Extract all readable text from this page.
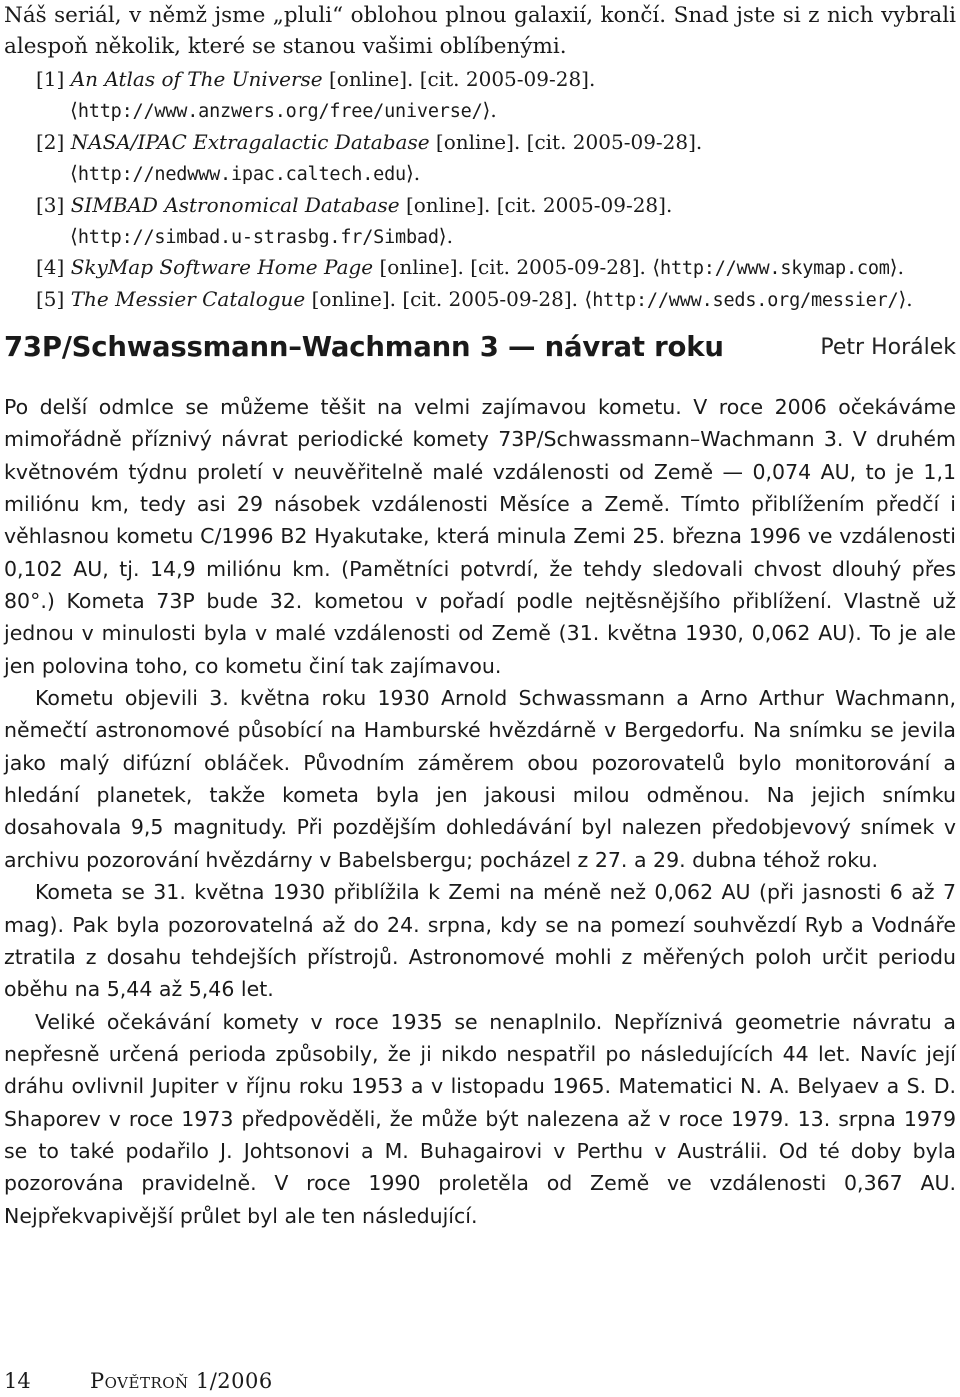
Náš seriál, v němž jsme „pluli“ oblohou plnou galaxií, končí. Snad jste si z nich vybrali alespoň několik, které se stanou vašimi oblíbenými.

[1] An Atlas of The Universe [online]. [cit. 2005-09-28].
⟨http://www.anzwers.org/free/universe/⟩.
[2] NASA/IPAC Extragalactic Database [online]. [cit. 2005-09-28].
⟨http://nedwww.ipac.caltech.edu⟩.
[3] SIMBAD Astronomical Database [online]. [cit. 2005-09-28].
⟨http://simbad.u-strasbg.fr/Simbad⟩.
[4] SkyMap Software Home Page [online]. [cit. 2005-09-28]. ⟨http://www.skymap.com⟩.
[5] The Messier Catalogue [online]. [cit. 2005-09-28]. ⟨http://www.seds.org/messier/⟩.
73P/Schwassmann–Wachmann 3 — návrat roku	Petr Horálek

Po delší odmlce se můžeme těšit na velmi zajímavou kometu. V roce 2006 očekáváme mimořádně příznivý návrat periodické komety 73P/Schwassmann–Wachmann 3. V druhém květnovém týdnu proletí v neuvěřitelně malé vzdálenosti od Země — 0,074 AU, to je 1,1 miliónu km, tedy asi 29 násobek vzdálenosti Měsíce a Země. Tímto přiblížením předčí i věhlasnou kometu C/1996 B2 Hyakutake, která minula Zemi 25. března 1996 ve vzdálenosti 0,102 AU, tj. 14,9 miliónu km. (Pamětníci potvrdí, že tehdy sledovali chvost dlouhý přes 80°.) Kometa 73P bude 32. kometou v pořadí podle nejtěsnějšího přiblížení. Vlastně už jednou v minulosti byla v malé vzdálenosti od Země (31. května 1930, 0,062 AU). To je ale jen polovina toho, co kometu činí tak zajímavou.

Kometu objevili 3. května roku 1930 Arnold Schwassmann a Arno Arthur Wachmann, němečtí astronomové působící na Hamburské hvězdárně v Bergedorfu. Na snímku se jevila jako malý difúzní obláček. Původním záměrem obou pozorovatelů bylo monitorování a hledání planetek, takže kometa byla jen jakousi milou odměnou. Na jejich snímku dosahovala 9,5 magnitudy. Při pozdějším dohledávání byl nalezen předobjevový snímek v archivu pozorování hvězdárny v Babelsbergu; pocházel z 27. a 29. dubna téhož roku.

Kometa se 31. května 1930 přiblížila k Zemi na méně než 0,062 AU (při jasnosti 6 až 7 mag). Pak byla pozorovatelná až do 24. srpna, kdy se na pomezí souhvězdí Ryb a Vodnáře ztratila z dosahu tehdejších přístrojů. Astronomové mohli z měřených poloh určit periodu oběhu na 5,44 až 5,46 let.

Veliké očekávání komety v roce 1935 se nenaplnilo. Nepříznivá geometrie návratu a nepřesně určená perioda způsobily, že ji nikdo nespatřil po následujících 44 let. Navíc její dráhu ovlivnil Jupiter v říjnu roku 1953 a v listopadu 1965. Matematici N. A. Belyaev a S. D. Shaporev v roce 1973 předpověděli, že může být nalezena až v roce 1979. 13. srpna 1979 se to také podařilo J. Johtsonovi a M. Buhagairovi v Perthu v Austrálii. Od té doby byla pozorována pravidelně. V roce 1990 proletěla od Země ve vzdálenosti 0,367 AU. Nejpřekvapivější průlet byl ale ten následující.

14	Povětroň 1/2006
